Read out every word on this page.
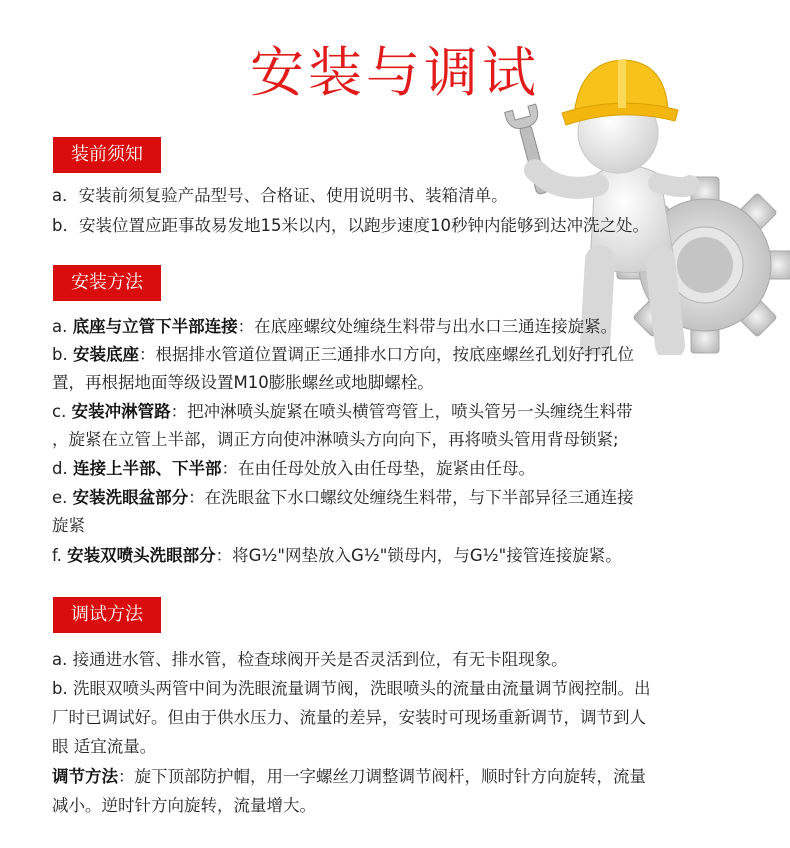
安装与调试
装前须知
a．安装前须复验产品型号、合格证、使用说明书、装箱清单。
b．安装位置应距事故易发地15米以内，以跑步速度10秒钟内能够到达冲洗之处。
安装方法
a. 底座与立管下半部连接：在底座螺纹处缠绕生料带与出水口三通连接旋紧。
b. 安装底座：根据排水管道位置调正三通排水口方向，按底座螺丝孔划好打孔位
置，再根据地面等级设置M10膨胀螺丝或地脚螺栓。
c. 安装冲淋管路：把冲淋喷头旋紧在喷头横管弯管上，喷头管另一头缠绕生料带
，旋紧在立管上半部，调正方向使冲淋喷头方向向下，再将喷头管用背母锁紧;
d. 连接上半部、下半部：在由任母处放入由任母垫，旋紧由任母。
e. 安装洗眼盆部分：在洗眼盆下水口螺纹处缠绕生料带，与下半部异径三通连接
旋紧
f. 安装双喷头洗眼部分：将G½"网垫放入G½"锁母内，与G½"接管连接旋紧。
调试方法
a. 接通进水管、排水管，检查球阀开关是否灵活到位，有无卡阻现象。
b. 洗眼双喷头两管中间为洗眼流量调节阀，洗眼喷头的流量由流量调节阀控制。出
厂时已调试好。但由于供水压力、流量的差异，安装时可现场重新调节，调节到人
眼 适宜流量。
调节方法：旋下顶部防护帽，用一字螺丝刀调整调节阀杆，顺时针方向旋转，流量
减小。逆时针方向旋转，流量增大。
